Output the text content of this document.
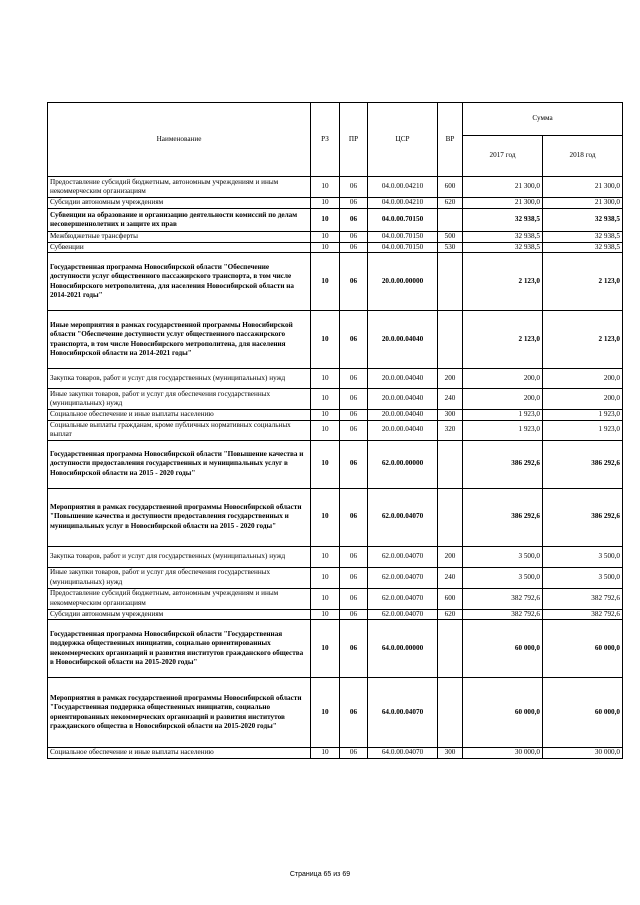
Наименование	РЗ	ПР	ЦСР	ВР	Сумма	
					2017 год	2018 год
Предоставление субсидий бюджетным, автономным учреждениям и иным некоммерческим организациям	10	06	04.0.00.04210	600	21 300,0	21 300,0
Субсидии автономным учреждениям	10	06	04.0.00.04210	620	21 300,0	21 300,0
Субвенции на образование и организацию деятельности комиссий по делам несовершеннолетних и защите их прав	10	06	04.0.00.70150		32 938,5	32 938,5
Межбюджетные трансферты	10	06	04.0.00.70150	500	32 938,5	32 938,5
Субвенции	10	06	04.0.00.70150	530	32 938,5	32 938,5
Государственная программа Новосибирской области "Обеспечение доступности услуг общественного пассажирского транспорта, в том числе Новосибирского метрополитена, для населения Новосибирской области на 2014-2021 годы"	10	06	20.0.00.00000		2 123,0	2 123,0
Иные мероприятия в рамках государственной программы Новосибирской области "Обеспечение доступности услуг общественного пассажирского транспорта, в том числе Новосибирского метрополитена, для населения Новосибирской области на 2014-2021 годы"	10	06	20.0.00.04040		2 123,0	2 123,0
Закупка товаров, работ и услуг для государственных (муниципальных) нужд	10	06	20.0.00.04040	200	200,0	200,0
Иные закупки товаров, работ и услуг для обеспечения государственных (муниципальных) нужд	10	06	20.0.00.04040	240	200,0	200,0
Социальное обеспечение и иные выплаты населению	10	06	20.0.00.04040	300	1 923,0	1 923,0
Социальные выплаты гражданам, кроме публичных нормативных социальных выплат	10	06	20.0.00.04040	320	1 923,0	1 923,0
Государственная программа Новосибирской области "Повышение качества и доступности предоставления государственных и муниципальных услуг в Новосибирской области на 2015 - 2020 годы"	10	06	62.0.00.00000		386 292,6	386 292,6
Мероприятия в рамках государственной программы Новосибирской области "Повышение качества и доступности предоставления государственных и муниципальных услуг в Новосибирской области на 2015 - 2020 годы"	10	06	62.0.00.04070		386 292,6	386 292,6
Закупка товаров, работ и услуг для государственных (муниципальных) нужд	10	06	62.0.00.04070	200	3 500,0	3 500,0
Иные закупки товаров, работ и услуг для обеспечения государственных (муниципальных) нужд	10	06	62.0.00.04070	240	3 500,0	3 500,0
Предоставление субсидий бюджетным, автономным учреждениям и иным некоммерческим организациям	10	06	62.0.00.04070	600	382 792,6	382 792,6
Субсидии автономным учреждениям	10	06	62.0.00.04070	620	382 792,6	382 792,6
Государственная программа Новосибирской области "Государственная поддержка общественных инициатив, социально ориентированных некоммерческих организаций и развития институтов гражданского общества в Новосибирской области на 2015-2020 годы"	10	06	64.0.00.00000		60 000,0	60 000,0
Мероприятия в рамках государственной программы Новосибирской области "Государственная поддержка общественных инициатив, социально ориентированных некоммерческих организаций и развития институтов гражданского общества в Новосибирской области на 2015-2020 годы"	10	06	64.0.00.04070		60 000,0	60 000,0
Социальное обеспечение и иные выплаты населению	10	06	64.0.00.04070	300	30 000,0	30 000,0
Страница 65 из 69
